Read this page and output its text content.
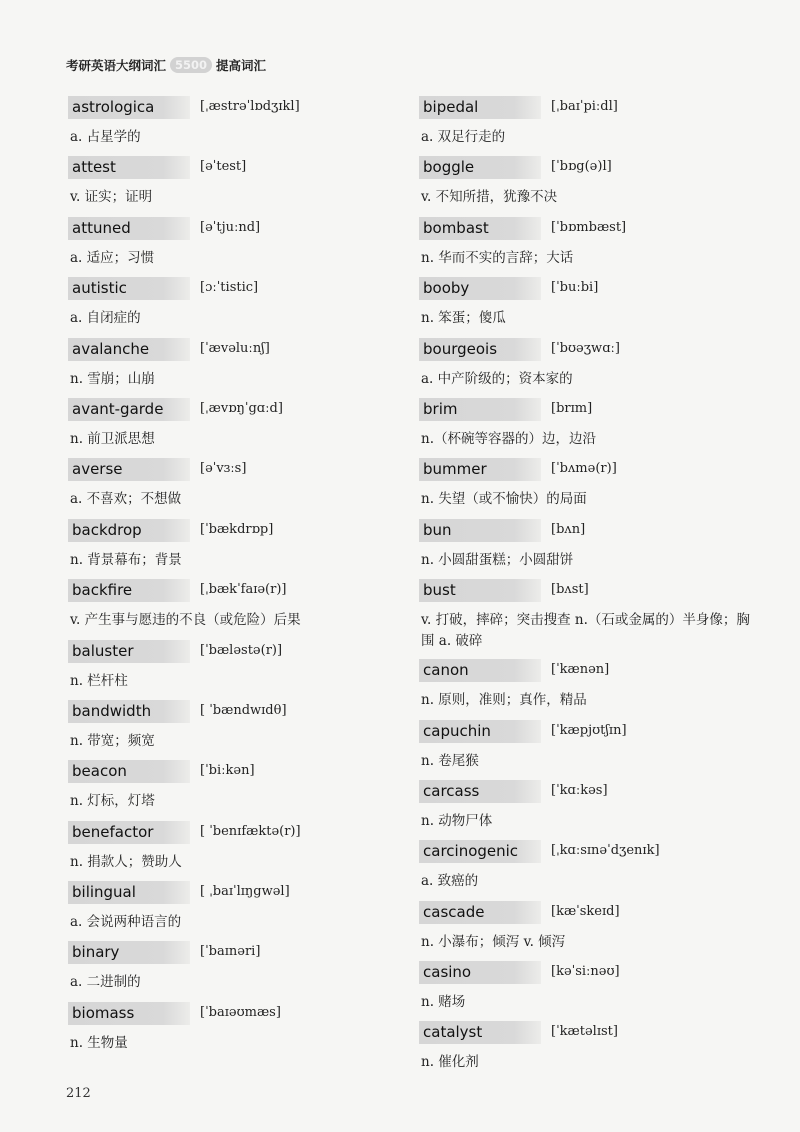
考研英语大纲词汇 5500 提高词汇
astrologica	[ˌæstrəˈlɒdʒɪkl]
a. 占星学的
attest	[əˈtest]
v. 证实；证明
attuned	[əˈtjuːnd]
a. 适应；习惯
autistic	[ɔːˈtistic]
a. 自闭症的
avalanche	[ˈævəluːnʃ]
n. 雪崩；山崩
avant-garde	[ˌævɒŋˈgɑːd]
n. 前卫派思想
averse	[əˈvɜːs]
a. 不喜欢；不想做
backdrop	[ˈbækdrɒp]
n. 背景幕布；背景
backfire	[ˌbækˈfaɪə(r)]
v. 产生事与愿违的不良（或危险）后果
baluster	[ˈbæləstə(r)]
n. 栏杆柱
bandwidth	[ ˈbændwɪdθ]
n. 带宽；频宽
beacon	[ˈbiːkən]
n. 灯标，灯塔
benefactor	[ ˈbenɪfæktə(r)]
n. 捐款人；赞助人
bilingual	[ ˌbaɪˈlɪŋgwəl]
a. 会说两种语言的
binary	[ˈbaɪnəri]
a. 二进制的
biomass	[ˈbaɪəʊmæs]
n. 生物量
bipedal	[ˌbaɪˈpiːdl]
a. 双足行走的
boggle	[ˈbɒg(ə)l]
v. 不知所措，犹豫不决
bombast	[ˈbɒmbæst]
n. 华而不实的言辞；大话
booby	[ˈbuːbi]
n. 笨蛋；傻瓜
bourgeois	[ˈbʊəʒwɑː]
a. 中产阶级的；资本家的
brim	[brɪm]
n.（杯碗等容器的）边，边沿
bummer	[ˈbʌmə(r)]
n. 失望（或不愉快）的局面
bun	[bʌn]
n. 小圆甜蛋糕；小圆甜饼
bust	[bʌst]
v. 打破，摔碎；突击搜查 n.（石或金属的）半身像；胸围 a. 破碎
canon	[ˈkænən]
n. 原则，准则；真作，精品
capuchin	[ˈkæpjʊtʃɪn]
n. 卷尾猴
carcass	[ˈkɑːkəs]
n. 动物尸体
carcinogenic	[ˌkɑːsɪnəˈdʒenɪk]
a. 致癌的
cascade	[kæˈskeɪd]
n. 小瀑布；倾泻 v. 倾泻
casino	[kəˈsiːnəʊ]
n. 赌场
catalyst	[ˈkætəlɪst]
n. 催化剂
212
